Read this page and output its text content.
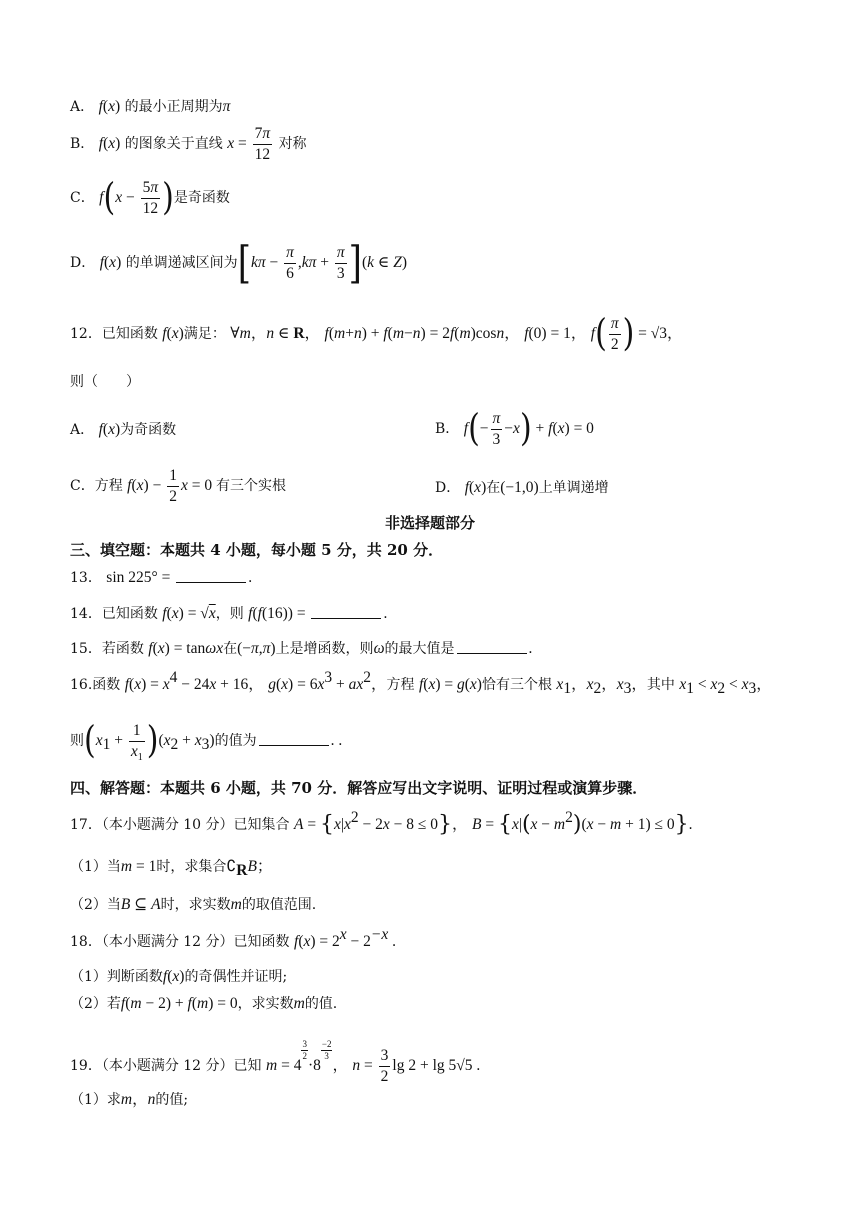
A． f(x) 的最小正周期为π
B． f(x) 的图象关于直线 $x = \frac{7\pi}{12}$ 对称
C． $f(x - \frac{5\pi}{12}$ )是奇函数
D． f(x) 的单调递减区间为$[k\pi - \frac{\pi}{6} ,k\pi + \frac{\pi}{3} ](k$ ∈ Z)
12．已知函数 f(x)满足： ∀m，n ∈ R， f(m+n) + f(m−n) = 2f(m)cosn， f(0) = 1， $f( \frac{\pi}{2}$ ) = √3，
则（　　）
A． f(x)为奇函数	B． $f(- \frac{\pi}{3} -x) + f(x) = 0$
C．方程 $f(x) - \frac{1}{2}$ x = 0 有三个实根	D． f(x)在(−1,0)上单调递增
非选择题部分
三、填空题：本题共 4 小题，每小题 5 分，共 20 分．
13． sin 225° =	.
14．已知函数 f(x) = √x，则 f(f(16)) =	.
15．若函数 f(x) = tanωx在(−π,π)上是增函数，则ω的最大值是	.
16.函数 $f(x) = x^4 - 24x + 16$， $g(x) = 6x^3 + ax^2$，方程 f(x) = g(x)恰有三个根 $x_1$，$x_2$，$x_3$，其中 $x_1 < x_2 < x_3$，
则$(x_1 + \frac{1}{x_1} )(x_2 + x_3)$的值为	. .
四、解答题：本题共 6 小题，共 70 分．解答应写出文字说明、证明过程或演算步骤．
17．（本小题满分 10 分）已知集合 $A = \{x|x^2 - 2x - 8 \le 0\}$， $B = \{x|(x - m^2)(x - m + 1) \le 0\}$.
（1）当m = 1时，求集合$∁_RB$；
（2）当B ⊆ A时，求实数m的取值范围.
18．（本小题满分 12 分）已知函数 $f(x) = 2^x - 2^{-x}$ .
（1）判断函数f(x)的奇偶性并证明;
（2）若f(m − 2) + f(m) = 0，求实数m的值.
19．（本小题满分 12 分）已知 m = 4
$\frac{3}{2}$
·8
$\frac{-2}{3}$
， $n = \frac{3}{2}$ lg 2 + lg 5√5 .
（1）求m，n的值;
